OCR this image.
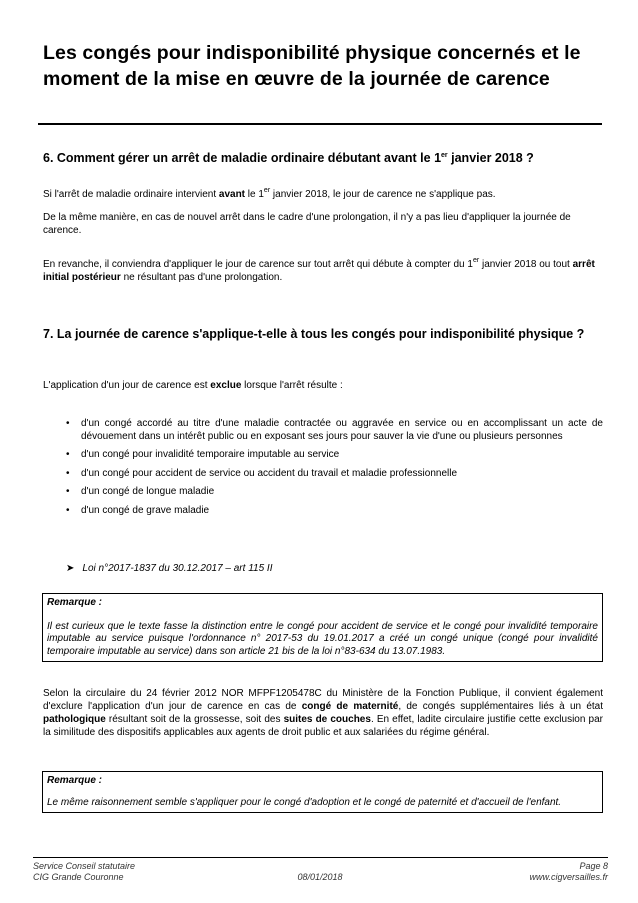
Les congés pour indisponibilité physique concernés et le moment de la mise en œuvre de la journée de carence
6. Comment gérer un arrêt de maladie ordinaire débutant avant le 1er janvier 2018 ?
Si l'arrêt de maladie ordinaire intervient avant le 1er janvier 2018, le jour de carence ne s'applique pas.
De la même manière, en cas de nouvel arrêt dans le cadre d'une prolongation, il n'y a pas lieu d'appliquer la journée de carence.
En revanche, il conviendra d'appliquer le jour de carence sur tout arrêt qui débute à compter du 1er janvier 2018 ou tout arrêt initial postérieur ne résultant pas d'une prolongation.
7. La journée de carence s'applique-t-elle à tous les congés pour indisponibilité physique ?
L'application d'un jour de carence est exclue lorsque l'arrêt résulte :
• d'un congé accordé au titre d'une maladie contractée ou aggravée en service ou en accomplissant un acte de dévouement dans un intérêt public ou en exposant ses jours pour sauver la vie d'une ou plusieurs personnes
• d'un congé pour invalidité temporaire imputable au service
• d'un congé pour accident de service ou accident du travail et maladie professionnelle
• d'un congé de longue maladie
• d'un congé de grave maladie
➤ Loi n°2017-1837 du 30.12.2017 – art 115 II
Remarque :
Il est curieux que le texte fasse la distinction entre le congé pour accident de service et le congé pour invalidité temporaire imputable au service puisque l'ordonnance n° 2017-53 du 19.01.2017 a créé un congé unique (congé pour invalidité temporaire imputable au service) dans son article 21 bis de la loi n°83-634 du 13.07.1983.
Selon la circulaire du 24 février 2012 NOR MFPF1205478C du Ministère de la Fonction Publique, il convient également d'exclure l'application d'un jour de carence en cas de congé de maternité, de congés supplémentaires liés à un état pathologique résultant soit de la grossesse, soit des suites de couches. En effet, ladite circulaire justifie cette exclusion par la similitude des dispositifs applicables aux agents de droit public et aux salariées du régime général.
Remarque :
Le même raisonnement semble s'appliquer pour le congé d'adoption et le congé de paternité et d'accueil de l'enfant.
Service Conseil statutaire
CIG Grande Couronne	08/01/2018
Page 8
www.cigversailles.fr
